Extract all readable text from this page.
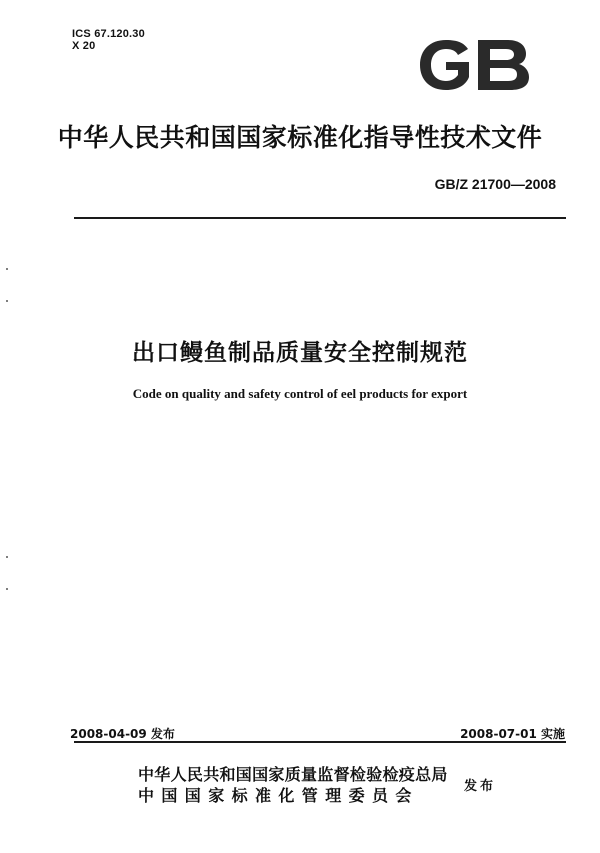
ICS 67.120.30
X 20
中华人民共和国国家标准化指导性技术文件
GB/Z 21700—2008
出口鳗鱼制品质量安全控制规范
Code on quality and safety control of eel products for export
2008-04-09 发布	2008-07-01 实施
中华人民共和国国家质量监督检验检疫总局
中国国家标准化管理委员会	发布
